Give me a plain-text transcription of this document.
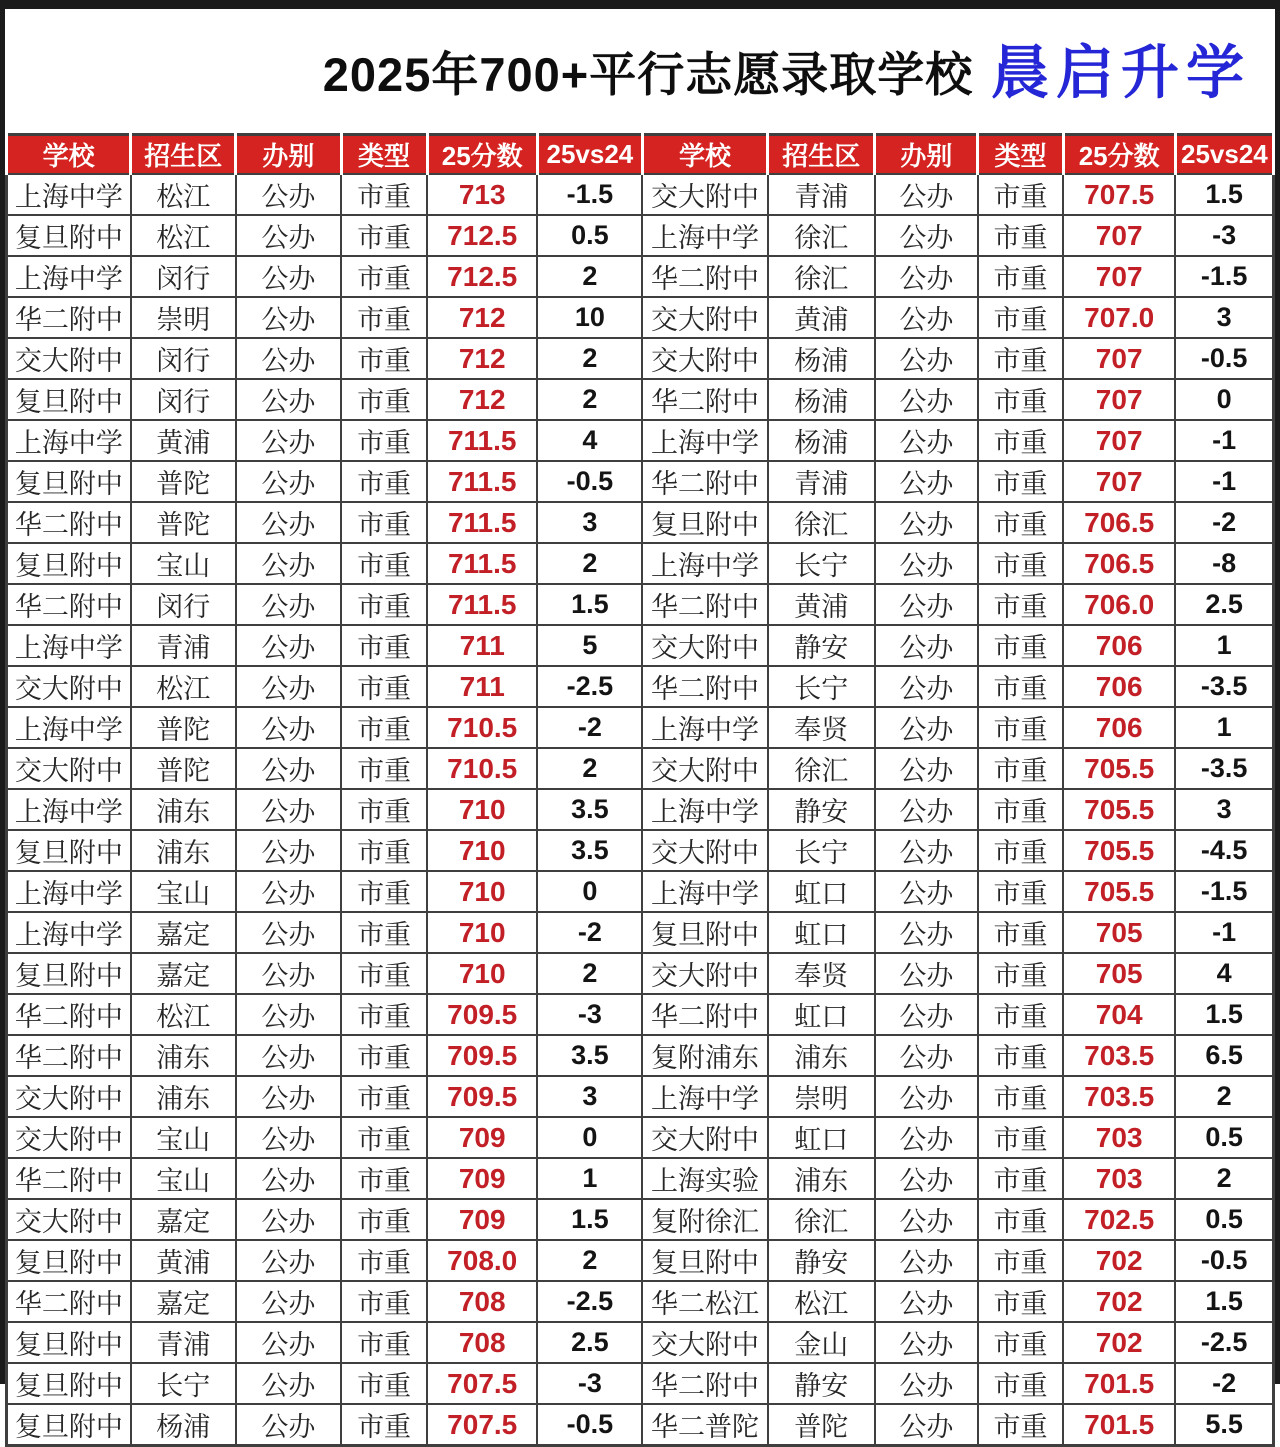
2025年700+平行志愿录取学校 晨启升学
学校	招生区	办别	类型	25分数	25vs24	学校	招生区	办别	类型	25分数	25vs24
上海中学	松江	公办	市重	713	-1.5	交大附中	青浦	公办	市重	707.5	1.5
复旦附中	松江	公办	市重	712.5	0.5	上海中学	徐汇	公办	市重	707	-3
上海中学	闵行	公办	市重	712.5	2	华二附中	徐汇	公办	市重	707	-1.5
华二附中	崇明	公办	市重	712	10	交大附中	黄浦	公办	市重	707.0	3
交大附中	闵行	公办	市重	712	2	交大附中	杨浦	公办	市重	707	-0.5
复旦附中	闵行	公办	市重	712	2	华二附中	杨浦	公办	市重	707	0
上海中学	黄浦	公办	市重	711.5	4	上海中学	杨浦	公办	市重	707	-1
复旦附中	普陀	公办	市重	711.5	-0.5	华二附中	青浦	公办	市重	707	-1
华二附中	普陀	公办	市重	711.5	3	复旦附中	徐汇	公办	市重	706.5	-2
复旦附中	宝山	公办	市重	711.5	2	上海中学	长宁	公办	市重	706.5	-8
华二附中	闵行	公办	市重	711.5	1.5	华二附中	黄浦	公办	市重	706.0	2.5
上海中学	青浦	公办	市重	711	5	交大附中	静安	公办	市重	706	1
交大附中	松江	公办	市重	711	-2.5	华二附中	长宁	公办	市重	706	-3.5
上海中学	普陀	公办	市重	710.5	-2	上海中学	奉贤	公办	市重	706	1
交大附中	普陀	公办	市重	710.5	2	交大附中	徐汇	公办	市重	705.5	-3.5
上海中学	浦东	公办	市重	710	3.5	上海中学	静安	公办	市重	705.5	3
复旦附中	浦东	公办	市重	710	3.5	交大附中	长宁	公办	市重	705.5	-4.5
上海中学	宝山	公办	市重	710	0	上海中学	虹口	公办	市重	705.5	-1.5
上海中学	嘉定	公办	市重	710	-2	复旦附中	虹口	公办	市重	705	-1
复旦附中	嘉定	公办	市重	710	2	交大附中	奉贤	公办	市重	705	4
华二附中	松江	公办	市重	709.5	-3	华二附中	虹口	公办	市重	704	1.5
华二附中	浦东	公办	市重	709.5	3.5	复附浦东	浦东	公办	市重	703.5	6.5
交大附中	浦东	公办	市重	709.5	3	上海中学	崇明	公办	市重	703.5	2
交大附中	宝山	公办	市重	709	0	交大附中	虹口	公办	市重	703	0.5
华二附中	宝山	公办	市重	709	1	上海实验	浦东	公办	市重	703	2
交大附中	嘉定	公办	市重	709	1.5	复附徐汇	徐汇	公办	市重	702.5	0.5
复旦附中	黄浦	公办	市重	708.0	2	复旦附中	静安	公办	市重	702	-0.5
华二附中	嘉定	公办	市重	708	-2.5	华二松江	松江	公办	市重	702	1.5
复旦附中	青浦	公办	市重	708	2.5	交大附中	金山	公办	市重	702	-2.5
复旦附中	长宁	公办	市重	707.5	-3	华二附中	静安	公办	市重	701.5	-2
复旦附中	杨浦	公办	市重	707.5	-0.5	华二普陀	普陀	公办	市重	701.5	5.5
